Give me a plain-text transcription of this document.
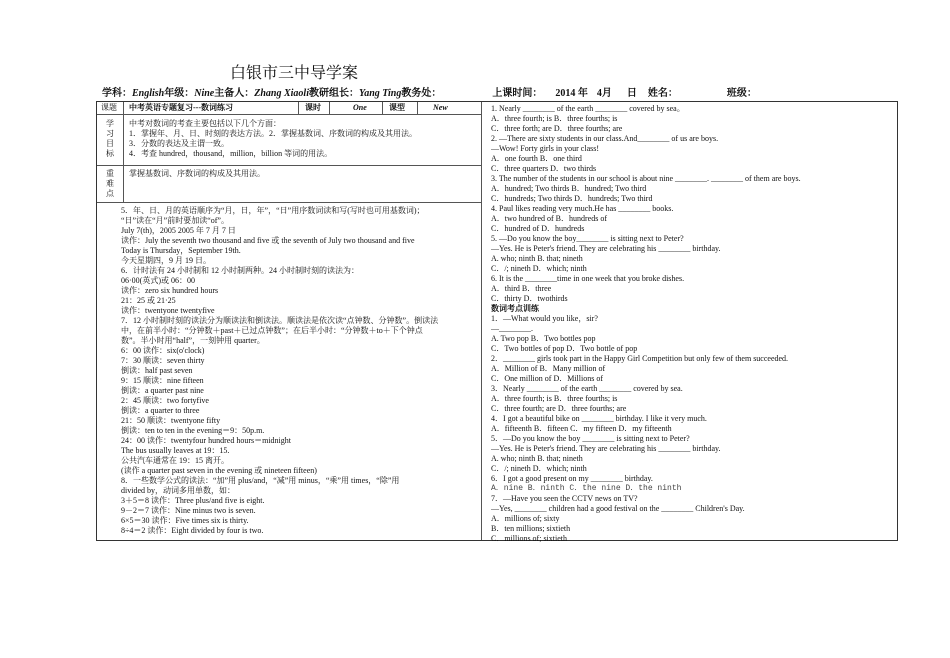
白银市三中导学案
学科：English年级：Nine主备人：Zhang Xiaoli教研组长：Yang Ting教务处：	上课时间： 2014 年 4月 日 姓名：	班级：
课题 中考英语专题复习---数词练习	课时	One	课型	New
学
习
目
标
中考对数词的考查主要包括以下几个方面：
1．掌握年、月、日、时刻的表达方法。2．掌握基数词、序数词的构成及其用法。
3．分数的表达及主谓一致。
4．考查 hundred，thousand，million，billion 等词的用法。
重
难
点
掌握基数词、序数词的构成及其用法。
5．年、日、月的英语顺序为“月，日，年”，“日”用序数词读和写(写时也可用基数词)；
“日”读在“月”前时要加读“of”。
July 7(th)，2005 2005 年 7 月 7 日
读作：July the seventh two thousand and five 或 the seventh of July two thousand and five
Today is Thursday，September 19th.
今天星期四，9 月 19 日。
6．计时法有 24 小时制和 12 小时制两种。24 小时制时刻的读法为：
06·00(英式)或 06：00
读作：zero six hundred hours
21：25 或 21·25
读作：twentyone twentyfive
7．12 小时制时刻的读法分为顺读法和倒读法。顺读法是依次读“点钟数、分钟数”。倒读法
中，在前半小时：“分钟数＋past＋已过点钟数”；在后半小时：“分钟数＋to＋下个钟点
数”。半小时用“half”，一刻钟用 quarter。
6：00 读作：six(o'clock)
7：30 顺读：seven thirty
倒读：half past seven
9：15 顺读：nine fifteen
倒读：a quarter past nine
2：45 顺读：two fortyfive
倒读：a quarter to three
21：50 顺读：twentyone fifty
倒读：ten to ten in the evening＝9：50p.m.
24：00 读作：twentyfour hundred hours＝midnight
The bus usually leaves at 19：15.
公共汽车通常在 19：15 离开。
(读作 a quarter past seven in the evening 或 nineteen fifteen)
8．一些数学公式的读法：“加”用 plus/and，“减”用 minus，“乘”用 times，“除”用
divided by，动词多用单数，如：
3＋5＝8 读作：Three plus/and five is eight.
9－2＝7 读作：Nine minus two is seven.
6×5＝30 读作：Five times six is thirty.
8÷4＝2 读作：Eight divided by four is two.
1. Nearly ________ of the earth ________ covered by sea。
A．three fourth; is B．three fourths; is
C．three forth; are D．three fourths; are
2. —There are sixty students in our class.And________ of us are boys.
—Wow! Forty girls in your class!
A．one fourth B．one third
C．three quarters D．two thirds
3. The number of the students in our school is about nine ________. ________ of them are boys.
A．hundred; Two thirds B．hundred; Two third
C．hundreds; Two thirds D．hundreds; Two third
4. Paul likes reading very much.He has ________ books.
A．two hundred of B．hundreds of
C．hundred of D．hundreds
5. —Do you know the boy________ is sitting next to Peter?
—Yes. He is Peter's friend. They are celebrating his ________ birthday.
A. who; ninth B. that; nineth
C．/; nineth D．which; ninth
6. It is the ________time in one week that you broke dishes.
A．third B．three
C．thirty D．twothirds
数词考点训练
1．—What would you like，sir?
—________.
A. Two pop B．Two bottles pop
C．Two bottles of pop D．Two bottle of pop
2．________ girls took part in the Happy Girl Competition but only few of them succeeded.
A．Million of B．Many million of
C．One million of D．Millions of
3．Nearly ________ of the earth ________ covered by sea.
A．three fourth; is B．three fourths; is
C．three fourth; are D．three fourths; are
4．I got a beautiful bike on ________ birthday. I like it very much.
A．fifteenth B．fifteen C．my fifteen D．my fifteenth
5．—Do you know the boy ________ is sitting next to Peter?
—Yes. He is Peter's friend. They are celebrating his ________ birthday.
A. who; ninth B. that; nineth
C．/; nineth D．which; ninth
6．I got a good present on my ________ birthday.
A．nine B．ninth C．the nine D．the ninth
7．—Have you seen the CCTV news on TV?
—Yes, ________ children had a good festival on the ________ Children's Day.
A．millions of; sixty
B．ten millions; sixtieth
C．millions of; sixtieth
